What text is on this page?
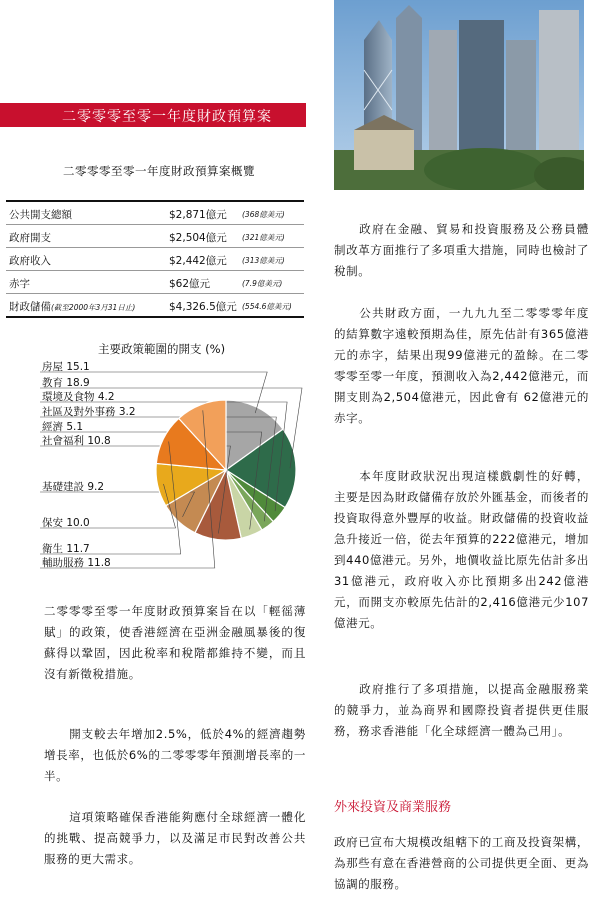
二零零零至零一年度財政預算案
二零零零至零一年度財政預算案概覽
公共開支總額	$2,871億元 (368億美元)
政府開支	$2,504億元 (321億美元)
政府收入	$2,442億元 (313億美元)
赤字	$62億元	(7.9億美元)
財政儲備(截至2000年3月31日止)	$4,326.5億元 (554.6億美元)
主要政策範圍的開支 (%)
房屋 15.1
教育 18.9
環境及食物 4.2
社區及對外事務 3.2
經濟 5.1
社會福利 10.8
基礎建設 9.2
保安 10.0
衛生 11.7
輔助服務 11.8
二零零零至零一年度財政預算案旨在以「輕徭薄賦」的政策，使香港經濟在亞洲金融風暴後的復蘇得以鞏固，因此稅率和稅階都維持不變，而且沒有新徵稅措施。
開支較去年增加2.5%，低於4%的經濟趨勢增長率，也低於6%的二零零零年預測增長率的一半。
這項策略確保香港能夠應付全球經濟一體化的挑戰、提高競爭力，以及滿足市民對改善公共服務的更大需求。
政府在金融、貿易和投資服務及公務員體制改革方面推行了多項重大措施，同時也檢討了稅制。
公共財政方面，一九九九至二零零零年度的結算數字遠較預期為佳，原先估計有365億港元的赤字，結果出現99億港元的盈餘。在二零零零至零一年度，預測收入為2,442億港元，而開支則為2,504億港元，因此會有 62億港元的赤字。
本年度財政狀況出現這樣戲劇性的好轉，主要是因為財政儲備存放於外匯基金，而後者的投資取得意外豐厚的收益。財政儲備的投資收益急升接近一倍，從去年預算的222億港元，增加到440億港元。另外，地價收益比原先估計多出31億港元，政府收入亦比預期多出242億港元，而開支亦較原先估計的2,416億港元少107億港元。
政府推行了多項措施，以提高金融服務業的競爭力，並為商界和國際投資者提供更佳服務，務求香港能「化全球經濟一體為己用」。
外來投資及商業服務
政府已宣布大規模改組轄下的工商及投資架構，為那些有意在香港營商的公司提供更全面、更為協調的服務。
